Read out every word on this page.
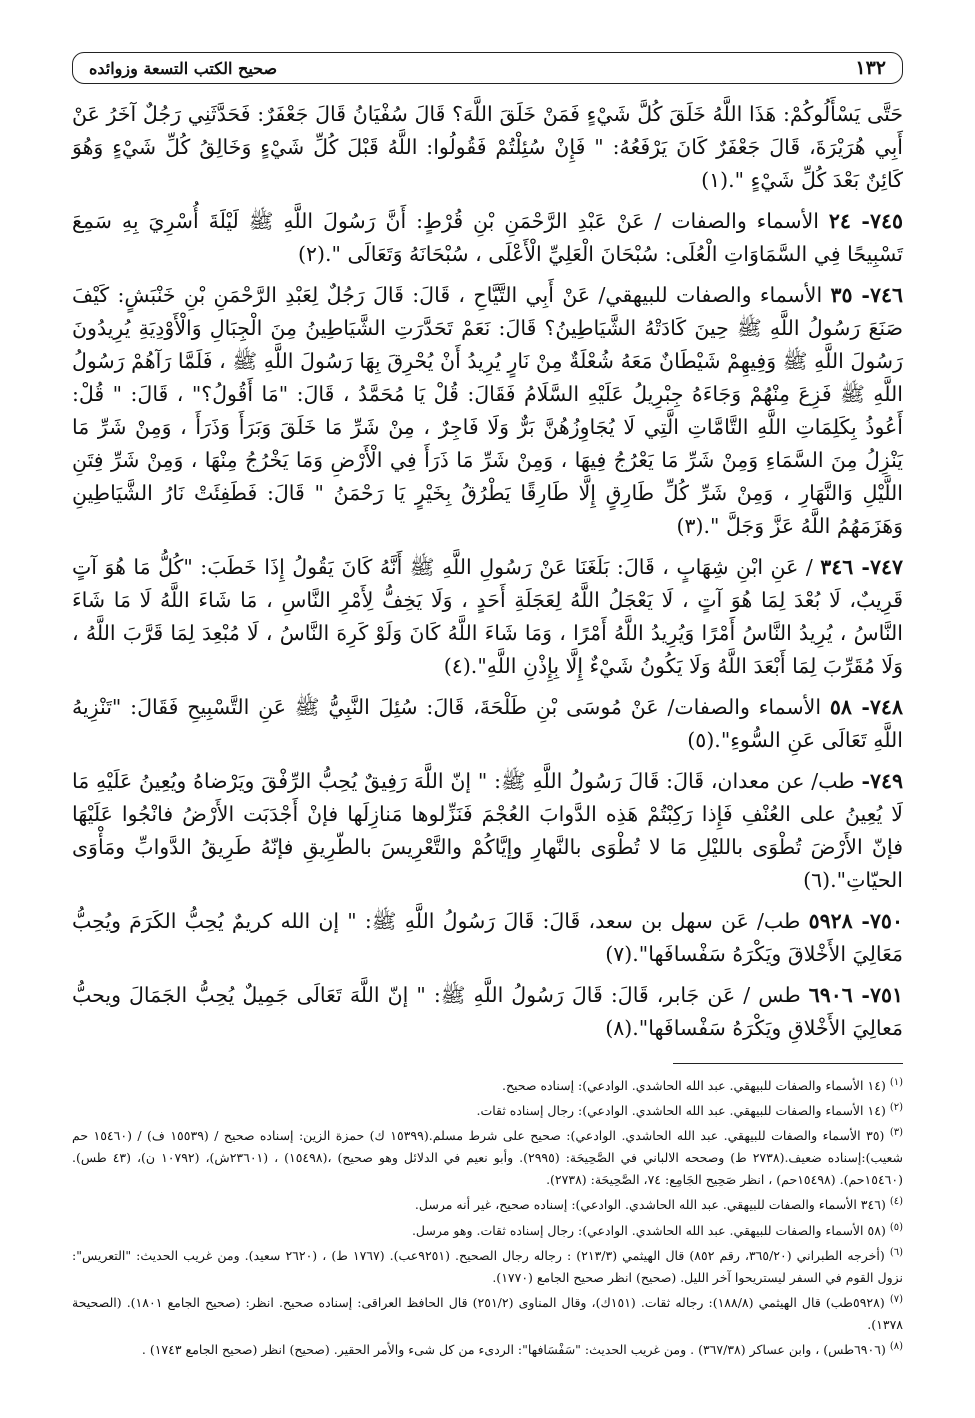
١٣٢
صحيح الكتب التسعة وزوائده

حَتَّى يَسْأَلُوكُمْ: هَذَا اللَّهُ خَلَقَ كُلَّ شَيْءٍ فَمَنْ خَلَقَ اللَّهَ؟ قَالَ سُفْيَانُ قَالَ جَعْفَرٌ: فَحَدَّثَنِي رَجُلٌ آخَرُ عَنْ أَبِي هُرَيْرَةَ، قَالَ جَعْفَرٌ كَانَ يَرْفَعُهُ: " فَإِنْ سُئِلْتُمْ فَقُولُوا: اللَّهُ قَبْلَ كُلِّ شَيْءٍ وَخَالِقُ كُلِّ شَيْءٍ وَهُوَ كَائِنٌ بَعْدَ كُلِّ شَيْءٍ ".(١)

٧٤٥- ٢٤ الأسماء والصفات / عَنْ عَبْدِ الرَّحْمَنِ بْنِ قُرْطٍ: أَنَّ رَسُولَ اللَّهِ ﷺ لَيْلَةَ أُسْرِيَ بِهِ سَمِعَ تَسْبِيحًا فِي السَّمَاوَاتِ الْعُلَى: سُبْحَانَ الْعَلِيِّ الْأَعْلَى ، سُبْحَانَهُ وَتَعَالَى ".(٢)

٧٤٦- ٣٥ الأسماء والصفات للبيهقي/ عَنْ أَبِي التَّيَّاحِ ، قَالَ: قَالَ رَجُلٌ لِعَبْدِ الرَّحْمَنِ بْنِ خَنْبَشٍ: كَيْفَ صَنَعَ رَسُولُ اللَّهِ ﷺ حِينَ كَادَتْهُ الشَّيَاطِينُ؟ قَالَ: نَعَمْ تَحَدَّرَتِ الشَّيَاطِينُ مِنَ الْجِبَالِ وَالْأَوْدِيَةِ يُرِيدُونَ رَسُولَ اللَّهِ ﷺ وَفِيهِمْ شَيْطَانٌ مَعَهُ شُعْلَةٌ مِنْ نَارٍ يُرِيدُ أَنْ يُحْرِقَ بِهَا رَسُولَ اللَّهِ ﷺ ، فَلَمَّا رَآهُمْ رَسُولُ اللَّهِ ﷺ فَزِعَ مِنْهُمْ وَجَاءَهُ جِبْرِيلُ عَلَيْهِ السَّلَامُ فَقَالَ: قُلْ يَا مُحَمَّدُ ، قَالَ: "مَا أَقُولُ؟" ، قَالَ: " قُلْ: أَعُوذُ بِكَلِمَاتِ اللَّهِ التَّامَّاتِ الَّتِي لَا يُجَاوِزُهُنَّ بَرٌّ وَلَا فَاجِرٌ ، مِنْ شَرِّ مَا خَلَقَ وَبَرَأَ وَذَرَأَ ، وَمِنْ شَرِّ مَا يَنْزِلُ مِنَ السَّمَاءِ وَمِنْ شَرِّ مَا يَعْرُجُ فِيهَا ، وَمِنْ شَرِّ مَا ذَرَأَ فِي الْأَرْضِ وَمَا يَخْرُجُ مِنْهَا ، وَمِنْ شَرِّ فِتَنِ اللَّيْلِ وَالنَّهَارِ ، وَمِنْ شَرِّ كُلِّ طَارِقٍ إِلَّا طَارِقًا يَطْرُقُ بِخَيْرٍ يَا رَحْمَنُ " قَالَ: فَطَفِئَتْ نَارُ الشَّيَاطِينِ وَهَزَمَهُمُ اللَّهُ عَزَّ وَجَلَّ ".(٣)

٧٤٧- ٣٤٦ / عَنِ ابْنِ شِهَابٍ ، قَالَ: بَلَغَنَا عَنْ رَسُولِ اللَّهِ ﷺ أَنَّهُ كَانَ يَقُولُ إِذَا خَطَبَ: "كُلُّ مَا هُوَ آتٍ قَرِيبٌ، لَا بُعْدَ لِمَا هُوَ آتٍ ، لَا يَعْجَلُ اللَّهُ لِعَجَلَةِ أَحَدٍ ، وَلَا يَخِفُّ لِأَمْرِ النَّاسِ ، مَا شَاءَ اللَّهُ لَا مَا شَاءَ النَّاسُ ، يُرِيدُ النَّاسُ أَمْرًا وَيُرِيدُ اللَّهُ أَمْرًا ، وَمَا شَاءَ اللَّهُ كَانَ وَلَوْ كَرِهَ النَّاسُ ، لَا مُبْعِدَ لِمَا قَرَّبَ اللَّهُ ، وَلَا مُقَرِّبَ لِمَا أَبْعَدَ اللَّهُ وَلَا يَكُونُ شَيْءٌ إِلَّا بِإِذْنِ اللَّهِ".(٤)

٧٤٨- ٥٨ الأسماء والصفات/ عَنْ مُوسَى بْنِ طَلْحَةَ، قَالَ: سُئِلَ النَّبِيُّ ﷺ عَنِ التَّسْبِيحِ فَقَالَ: "تَنْزِيهُ اللَّهِ تَعَالَى عَنِ السُّوءِ".(٥)

٧٤٩- طب/ عن معدان، قَالَ: قَالَ رَسُولُ اللَّهِ ﷺ: " إنّ اللَّهَ رَفِيقٌ يُحِبُّ الرِّفْقَ ويَرْضاهُ ويُعِينُ عَلَيْهِ مَا لَا يُعِينُ على العُنْفِ فَإِذا رَكِبْتُمْ هَذِه الدَّوابَ العُجْمَ فَنَزِّلوها مَنازِلَها فإنْ أَجْدَبَت الأَرْضُ فانْجُوا عَلَيْهَا فإنّ الأَرْضَ تُطْوَى بالليْلِ مَا لا تُطْوَى بالنَّهارِ وإيَّاكُمْ والتَّعْرِيسَ بالطّرِيقِ فإنّهُ طَرِيقُ الدَّوابِّ ومَأْوَى الحيّاتِ".(٦)

٧٥٠- ٥٩٢٨ طب/ عَن سهل بن سعد، قَالَ: قَالَ رَسُولُ اللَّهِ ﷺ: " إن الله كريمٌ يُحِبُّ الكَرَمَ ويُحِبُّ مَعَالِيَ الأَخْلاقَ ويَكْرَهُ سَفْسافَها".(٧)

٧٥١- ٦٩٠٦ طس / عَن جَابر، قَالَ: قَالَ رَسُولُ اللَّهِ ﷺ: " إنّ اللَّهَ تَعَالَى جَمِيلٌ يُحِبُّ الجَمَالَ ويحبُّ مَعالِيَ الأَخْلاقِ ويَكْرَهُ سَفْسافَها".(٨)

$^{(١)}$ (١٤ الأسماء والصفات للبيهقي. عبد الله الحاشدي. الوادعي): إسناده صحيح.

$^{(٢)}$ (١٤ الأسماء والصفات للبيهقي. عبد الله الحاشدي. الوادعي): رجال إسناده ثقات.

$^{(٣)}$ (٣٥ الأسماء والصفات للبيهقي. عبد الله الحاشدي. الوادعي): صحيح على شرط مسلم.(١٥٣٩٩ ك) حمزة الزين: إسناده صحيح / (١٥٥٣٩ ف) / (١٥٤٦٠ حم شعيب):إسناده ضعيف.(٢٧٣٨ ط) وصححه الالباني في الصَّحِيحَة: (٢٩٩٥). وأبو نعيم في الدلائل وهو صحيح) ،(١٥٤٩٨) ، (٢٣٦٠١ش)، (١٠٧٩٢ ن)، (٤٣ طس). (١٥٤٦٠حم). (١٥٤٩٨حم) ، انظر صَحِيح الجَامِع: ٧٤، الصَّحِيحَة: (٢٧٣٨).

$^{(٤)}$ (٣٤٦ الأسماء والصفات للبيهقي. عبد الله الحاشدي. الوادعي): إسناده صحيح، غير أنه مرسل.

$^{(٥)}$ (٥٨ الأسماء والصفات للبيهقي. عبد الله الحاشدي. الوادعي): رجال إسناده ثقات. وهو مرسل.

$^{(٦)}$ (أخرجه الطبراني (٣٦٥/٢٠، رقم ٨٥٢) قال الهيثمي (٢١٣/٣) : رجاله رجال الصحيح. (٩٢٥١عب). (١٧٦٧ ط) ، (٢٦٢٠ سعيد). ومن غريب الحديث: "التعريس": نزول القوم في السفر ليستريحوا آخر الليل. (صحيح) انظر صحيح الجامع (١٧٧٠).

$^{(٧)}$ (٥٩٢٨طب) قال الهيثمي (١٨٨/٨): رجاله ثقات. (١٥١ك)، وقال المناوى (٢٥١/٢) قال الحافظ العراقى: إسناده صحيح. انظر: (صحيح الجامع ١٨٠١). (الصحيحة ١٣٧٨).

$^{(٨)}$ (٦٩٠٦طس) ، وابن عساكر (٣٦٧/٣٨) . ومن غريب الحديث: "سَفْسَافها": الردىء من كل شىء والأمر الحقير. (صحيح) انظر (صحيح الجامع ١٧٤٣) .
